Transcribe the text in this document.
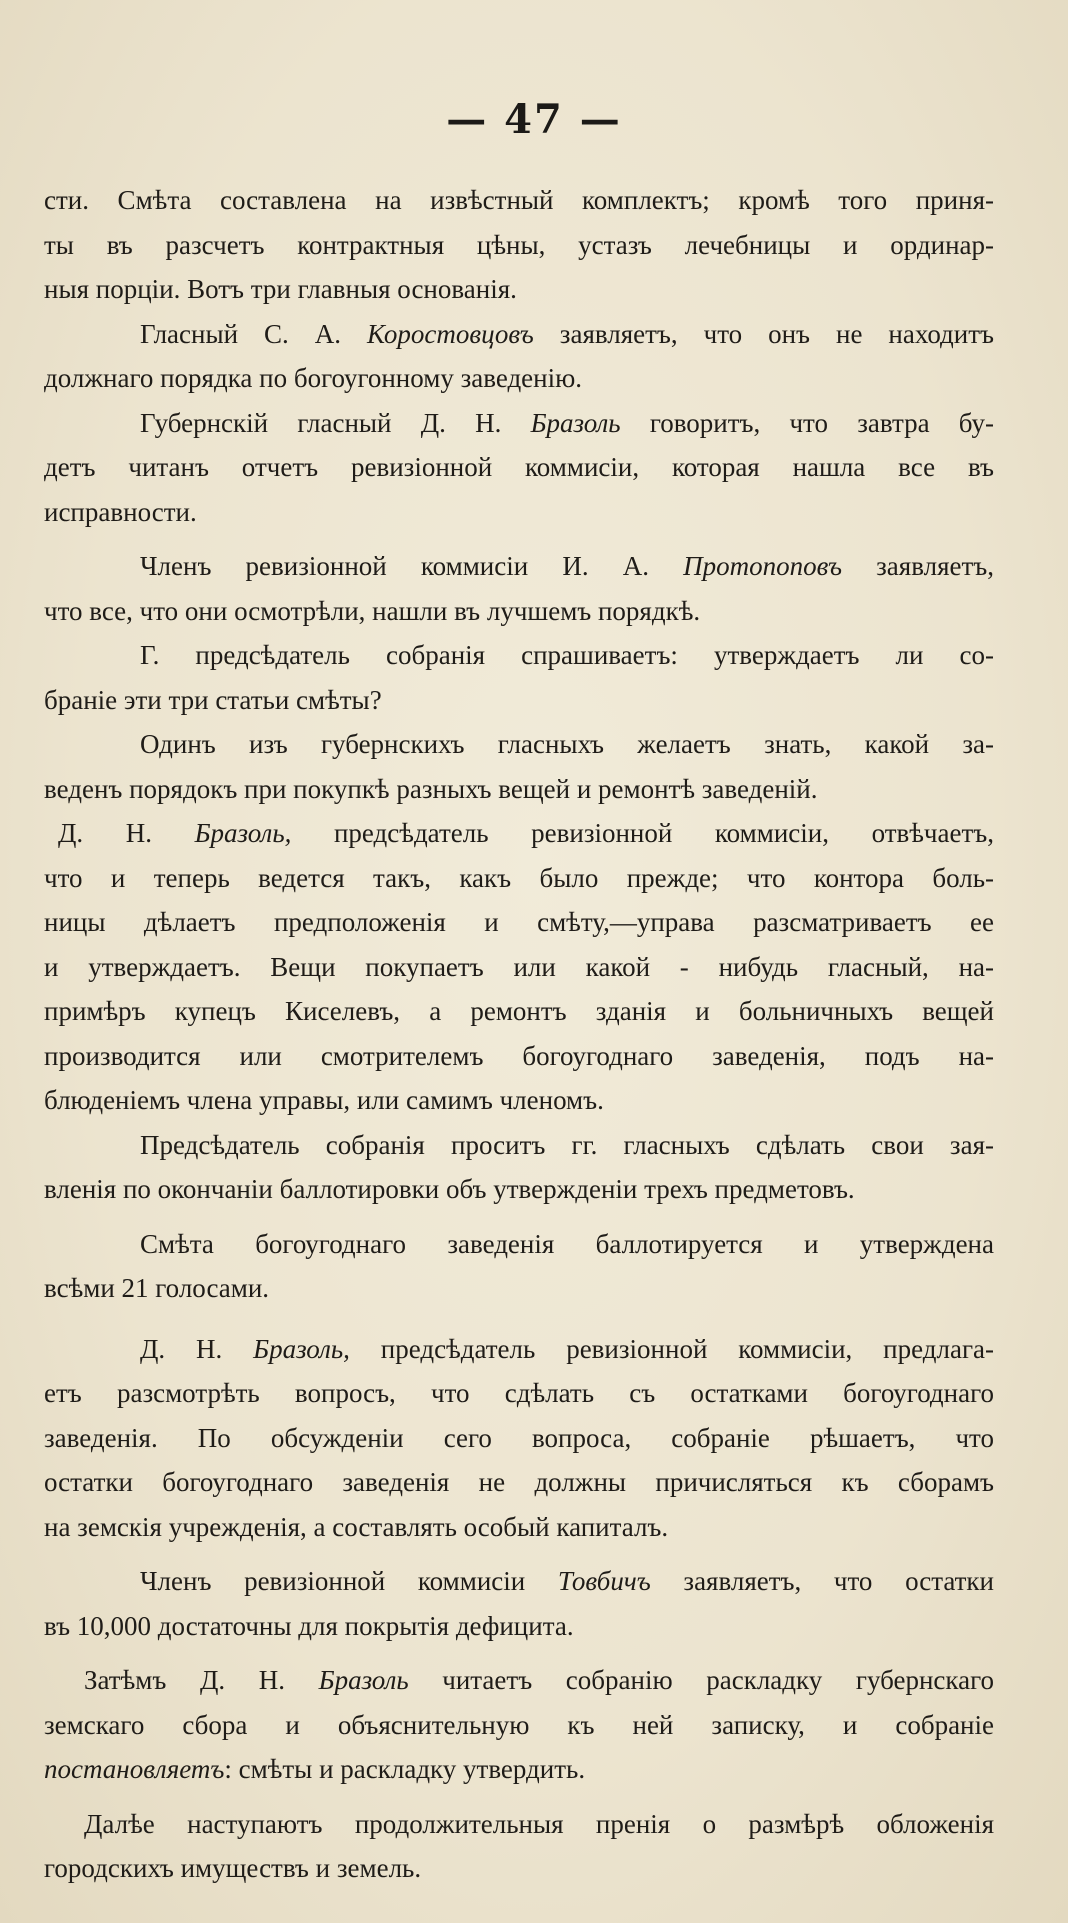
— 47 —

сти. Смѣта составлена на извѣстный комплектъ; кромѣ того приня-
ты въ разсчетъ контрактныя цѣны, устазъ лечебницы и ординар-
ныя порціи. Вотъ три главныя основанія.

Гласный С. А. Коростовцовъ заявляетъ, что онъ не находитъ
должнаго порядка по богоугонному заведенію.

Губернскій гласный Д. Н. Бразоль говоритъ, что завтра бу-
детъ читанъ отчетъ ревизіонной коммисіи, которая нашла все въ
исправности.

Членъ ревизіонной коммисіи И. А. Протопоповъ заявляетъ,
что все, что они осмотрѣли, нашли въ лучшемъ порядкѣ.

Г. предсѣдатель собранія спрашиваетъ: утверждаетъ ли со-
браніе эти три статьи смѣты?

Одинъ изъ губернскихъ гласныхъ желаетъ знать, какой за-
веденъ порядокъ при покупкѣ разныхъ вещей и ремонтѣ заведеній.

Д. Н. Бразоль, предсѣдатель ревизіонной коммисіи, отвѣчаетъ,
что и теперь ведется такъ, какъ было прежде; что контора боль-
ницы дѣлаетъ предположенія и смѣту,—управа разсматриваетъ ее
и утверждаетъ. Вещи покупаетъ или какой - нибудь гласный, на-
примѣръ купецъ Киселевъ, а ремонтъ зданія и больничныхъ вещей
производится или смотрителемъ богоугоднаго заведенія, подъ на-
блюденіемъ члена управы, или самимъ членомъ.

Предсѣдатель собранія проситъ гг. гласныхъ сдѣлать свои зая-
вленія по окончаніи баллотировки объ утвержденіи трехъ предметовъ.

Смѣта богоугоднаго заведенія баллотируется и утверждена
всѣми 21 голосами.

Д. Н. Бразоль, предсѣдатель ревизіонной коммисіи, предлага-
етъ разсмотрѣть вопросъ, что сдѣлать съ остатками богоугоднаго
заведенія. По обсужденіи сего вопроса, собраніе рѣшаетъ, что
остатки богоугоднаго заведенія не должны причисляться къ сборамъ
на земскія учрежденія, а составлять особый капиталъ.

Членъ ревизіонной коммисіи Товбичъ заявляетъ, что остатки
въ 10,000 достаточны для покрытія дефицита.

Затѣмъ Д. Н. Бразоль читаетъ собранію раскладку губернскаго
земскаго сбора и объяснительную къ ней записку, и собраніе
постановляетъ: смѣты и раскладку утвердить.

Далѣе наступаютъ продолжительныя пренія о размѣрѣ обложенія
городскихъ имуществъ и земель.
